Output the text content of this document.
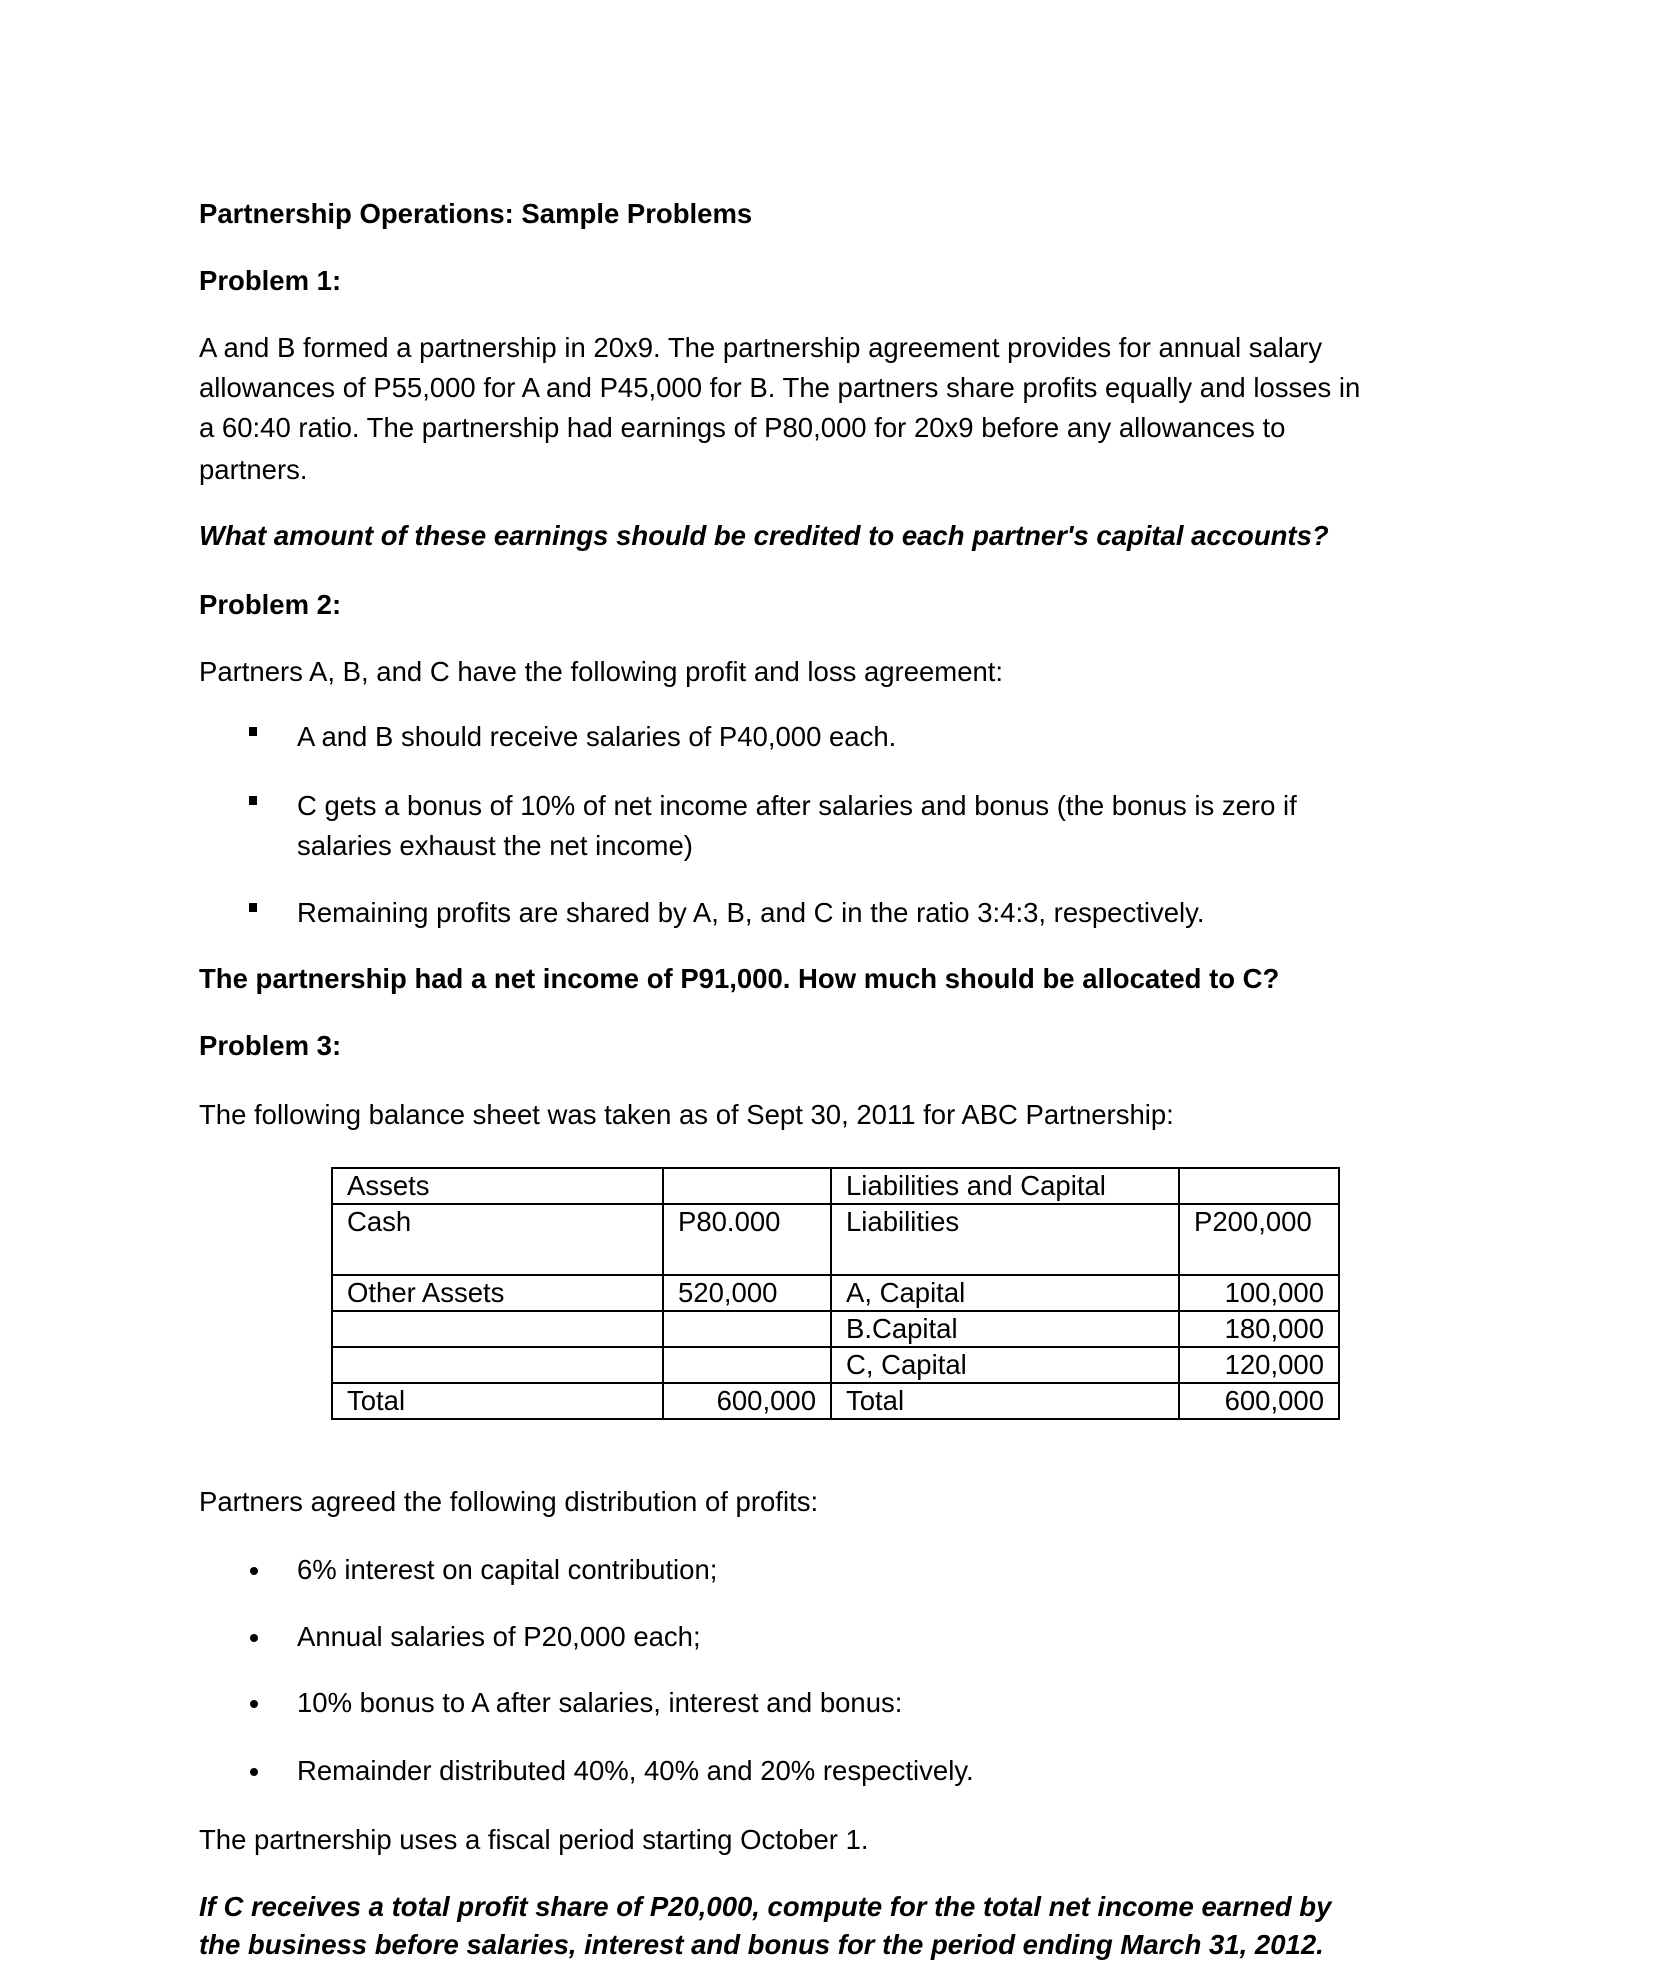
Partnership Operations: Sample Problems
Problem 1:
A and B formed a partnership in 20x9. The partnership agreement provides for annual salary
allowances of P55,000 for A and P45,000 for B. The partners share profits equally and losses in
a 60:40 ratio. The partnership had earnings of P80,000 for 20x9 before any allowances to
partners.
What amount of these earnings should be credited to each partner's capital accounts?
Problem 2:
Partners A, B, and C have the following profit and loss agreement:
A and B should receive salaries of P40,000 each.
C gets a bonus of 10% of net income after salaries and bonus (the bonus is zero if
salaries exhaust the net income)
Remaining profits are shared by A, B, and C in the ratio 3:4:3, respectively.
The partnership had a net income of P91,000. How much should be allocated to C?
Problem 3:
The following balance sheet was taken as of Sept 30, 2011 for ABC Partnership:
Assets		Liabilities and Capital	
Cash	P80.000	Liabilities	P200,000
Other Assets	520,000	A, Capital	100,000
		B.Capital	180,000
		C, Capital	120,000
Total	600,000	Total	600,000
Partners agreed the following distribution of profits:
6% interest on capital contribution;
Annual salaries of P20,000 each;
10% bonus to A after salaries, interest and bonus:
Remainder distributed 40%, 40% and 20% respectively.
The partnership uses a fiscal period starting October 1.
If C receives a total profit share of P20,000, compute for the total net income earned by
the business before salaries, interest and bonus for the period ending March 31, 2012.
